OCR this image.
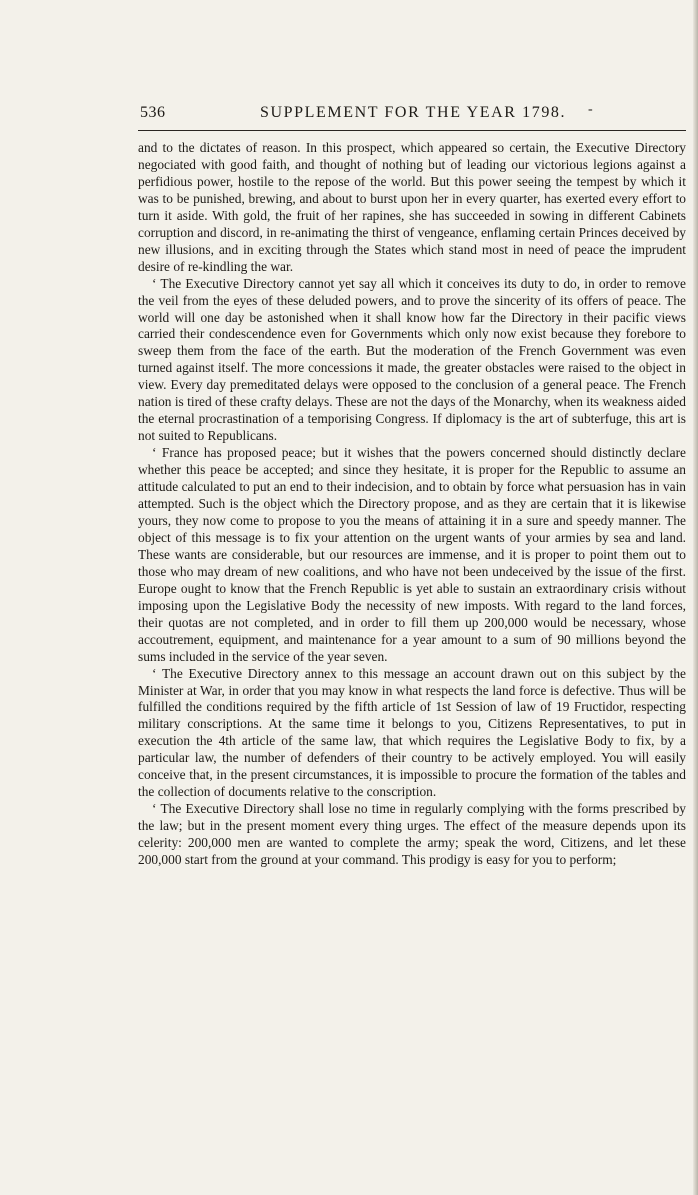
536	SUPPLEMENT FOR THE YEAR 1798. -

and to the dictates of reason. In this prospect, which appeared so certain, the Executive Directory negociated with good faith, and thought of nothing but of leading our victorious legions against a perfidious power, hostile to the repose of the world. But this power seeing the tempest by which it was to be punished, brewing, and about to burst upon her in every quarter, has exerted every effort to turn it aside. With gold, the fruit of her rapines, she has succeeded in sowing in different Cabinets corruption and discord, in re-animating the thirst of vengeance, enflaming certain Princes deceived by new illusions, and in exciting through the States which stand most in need of peace the imprudent desire of re-kindling the war.

‘ The Executive Directory cannot yet say all which it conceives its duty to do, in order to remove the veil from the eyes of these deluded powers, and to prove the sincerity of its offers of peace. The world will one day be astonished when it shall know how far the Directory in their pacific views carried their condescendence even for Governments which only now exist because they forebore to sweep them from the face of the earth. But the moderation of the French Government was even turned against itself. The more concessions it made, the greater obstacles were raised to the object in view. Every day premeditated delays were opposed to the conclusion of a general peace. The French nation is tired of these crafty delays. These are not the days of the Monarchy, when its weakness aided the eternal procrastination of a temporising Congress. If diplomacy is the art of subterfuge, this art is not suited to Republicans.

‘ France has proposed peace; but it wishes that the powers concerned should distinctly declare whether this peace be accepted; and since they hesitate, it is proper for the Republic to assume an attitude calculated to put an end to their indecision, and to obtain by force what persuasion has in vain attempted. Such is the object which the Directory propose, and as they are certain that it is likewise yours, they now come to propose to you the means of attaining it in a sure and speedy manner. The object of this message is to fix your attention on the urgent wants of your armies by sea and land. These wants are considerable, but our resources are immense, and it is proper to point them out to those who may dream of new coalitions, and who have not been undeceived by the issue of the first. Europe ought to know that the French Republic is yet able to sustain an extraordinary crisis without imposing upon the Legislative Body the necessity of new imposts. With regard to the land forces, their quotas are not completed, and in order to fill them up 200,000 would be necessary, whose accoutrement, equipment, and maintenance for a year amount to a sum of 90 millions beyond the sums included in the service of the year seven.

‘ The Executive Directory annex to this message an account drawn out on this subject by the Minister at War, in order that you may know in what respects the land force is defective. Thus will be fulfilled the conditions required by the fifth article of 1st Session of law of 19 Fructidor, respecting military conscriptions. At the same time it belongs to you, Citizens Representatives, to put in execution the 4th article of the same law, that which requires the Legislative Body to fix, by a particular law, the number of defenders of their country to be actively employed. You will easily conceive that, in the present circumstances, it is impossible to procure the formation of the tables and the collection of documents relative to the conscription.

‘ The Executive Directory shall lose no time in regularly complying with the forms prescribed by the law; but in the present moment every thing urges. The effect of the measure depends upon its celerity: 200,000 men are wanted to complete the army; speak the word, Citizens, and let these 200,000 start from the ground at your command. This prodigy is easy for you to perform;
